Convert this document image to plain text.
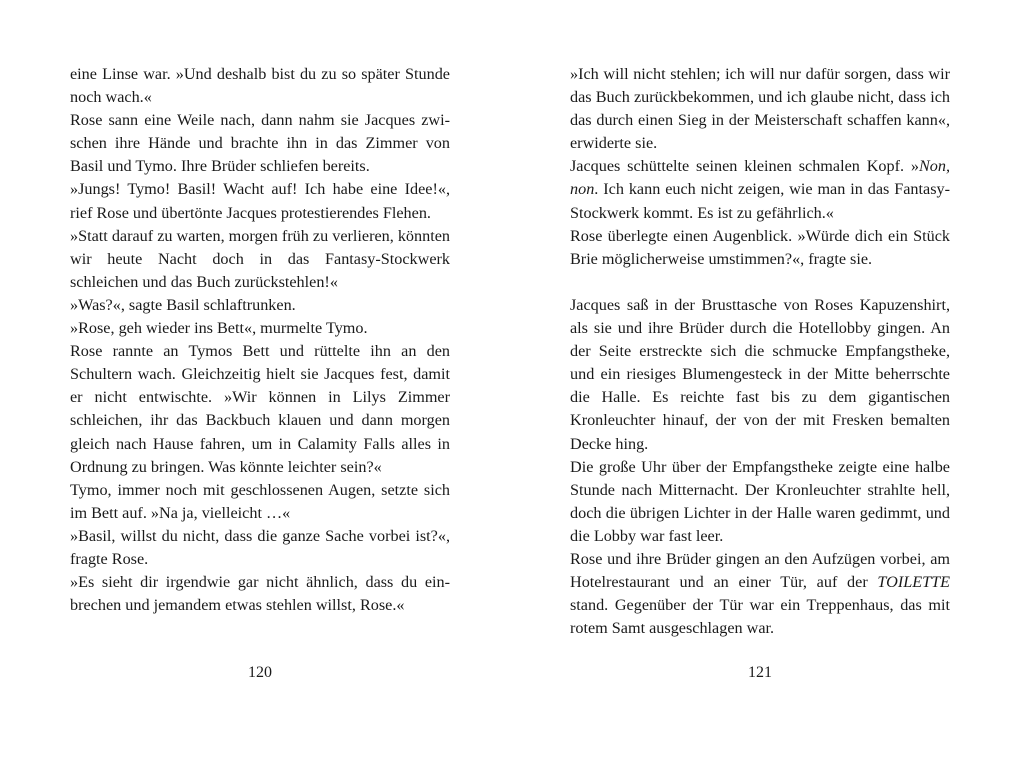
eine Linse war. »Und deshalb bist du zu so später Stunde noch wach.«

Rose sann eine Weile nach, dann nahm sie Jacques zwischen ihre Hände und brachte ihn in das Zimmer von Basil und Tymo. Ihre Brüder schliefen bereits.

»Jungs! Tymo! Basil! Wacht auf! Ich habe eine Idee!«, rief Rose und übertönte Jacques protestierendes Flehen.

»Statt darauf zu warten, morgen früh zu verlieren, könnten wir heute Nacht doch in das Fantasy-Stockwerk schleichen und das Buch zurückstehlen!«

»Was?«, sagte Basil schlaftrunken.

»Rose, geh wieder ins Bett«, murmelte Tymo.

Rose rannte an Tymos Bett und rüttelte ihn an den Schultern wach. Gleichzeitig hielt sie Jacques fest, damit er nicht entwischte. »Wir können in Lilys Zimmer schleichen, ihr das Backbuch klauen und dann morgen gleich nach Hause fahren, um in Calamity Falls alles in Ordnung zu bringen. Was könnte leichter sein?«

Tymo, immer noch mit geschlossenen Augen, setzte sich im Bett auf. »Na ja, vielleicht …«

»Basil, willst du nicht, dass die ganze Sache vorbei ist?«, fragte Rose.

»Es sieht dir irgendwie gar nicht ähnlich, dass du einbrechen und jemandem etwas stehlen willst, Rose.«

120

»Ich will nicht stehlen; ich will nur dafür sorgen, dass wir das Buch zurückbekommen, und ich glaube nicht, dass ich das durch einen Sieg in der Meisterschaft schaffen kann«, erwiderte sie.

Jacques schüttelte seinen kleinen schmalen Kopf. »Non, non. Ich kann euch nicht zeigen, wie man in das Fantasy-Stockwerk kommt. Es ist zu gefährlich.«

Rose überlegte einen Augenblick. »Würde dich ein Stück Brie möglicherweise umstimmen?«, fragte sie.

Jacques saß in der Brusttasche von Roses Kapuzenshirt, als sie und ihre Brüder durch die Hotellobby gingen. An der Seite erstreckte sich die schmucke Empfangstheke, und ein riesiges Blumengesteck in der Mitte beherrschte die Halle. Es reichte fast bis zu dem gigantischen Kronleuchter hinauf, der von der mit Fresken bemalten Decke hing.

Die große Uhr über der Empfangstheke zeigte eine halbe Stunde nach Mitternacht. Der Kronleuchter strahlte hell, doch die übrigen Lichter in der Halle waren gedimmt, und die Lobby war fast leer.

Rose und ihre Brüder gingen an den Aufzügen vorbei, am Hotelrestaurant und an einer Tür, auf der TOILETTE stand. Gegenüber der Tür war ein Treppenhaus, das mit rotem Samt ausgeschlagen war.

121
